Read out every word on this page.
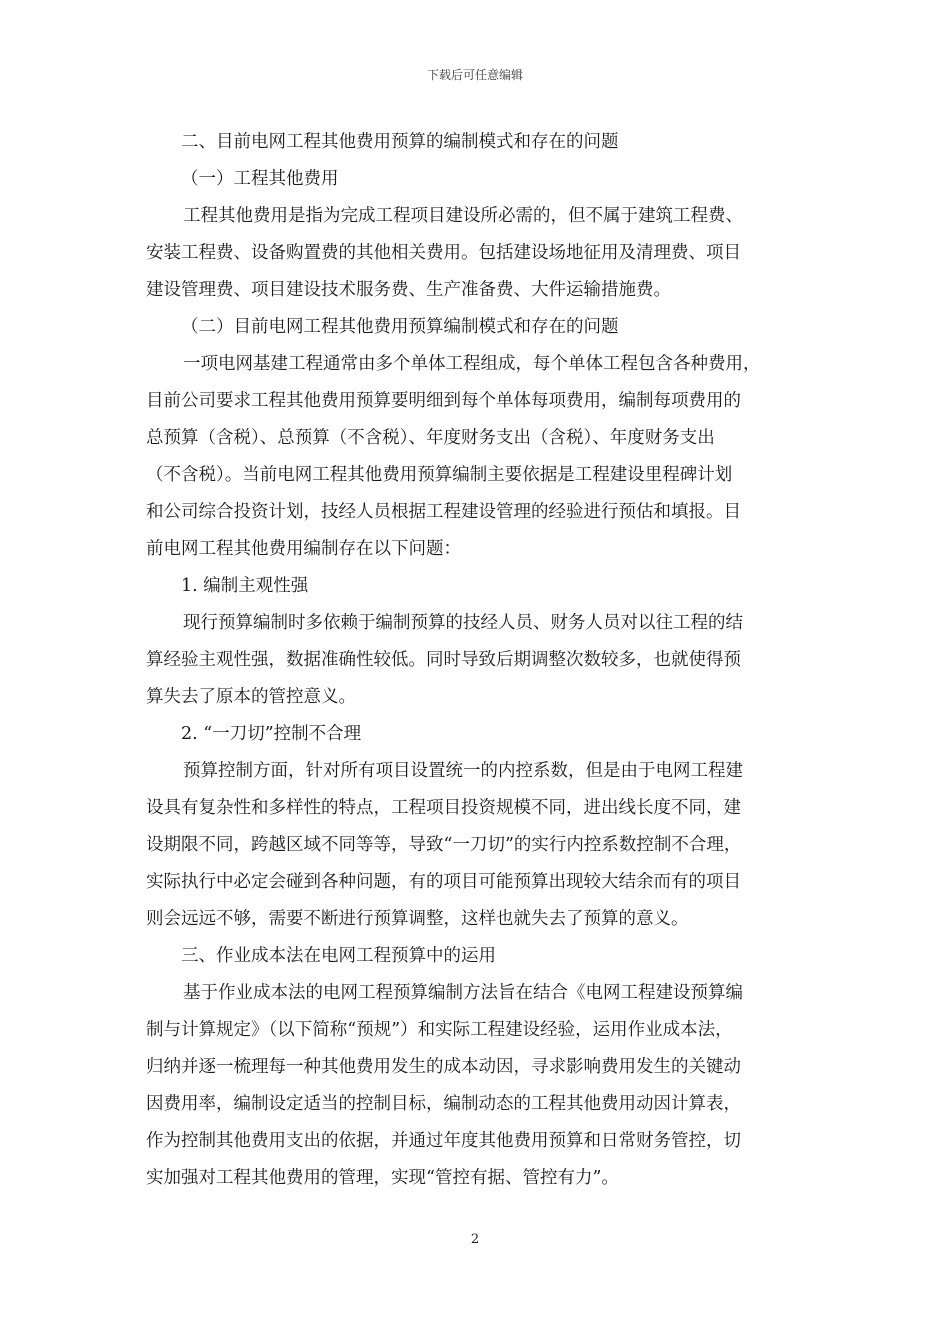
下载后可任意编辑
二、目前电网工程其他费用预算的编制模式和存在的问题
（一）工程其他费用
工程其他费用是指为完成工程项目建设所必需的，但不属于建筑工程费、
安装工程费、设备购置费的其他相关费用。包括建设场地征用及清理费、项目
建设管理费、项目建设技术服务费、生产准备费、大件运输措施费。
（二）目前电网工程其他费用预算编制模式和存在的问题
一项电网基建工程通常由多个单体工程组成，每个单体工程包含各种费用，
目前公司要求工程其他费用预算要明细到每个单体每项费用，编制每项费用的
总预算（含税）、总预算（不含税）、年度财务支出（含税）、年度财务支出
（不含税）。当前电网工程其他费用预算编制主要依据是工程建设里程碑计划
和公司综合投资计划，技经人员根据工程建设管理的经验进行预估和填报。目
前电网工程其他费用编制存在以下问题：
1. 编制主观性强
现行预算编制时多依赖于编制预算的技经人员、财务人员对以往工程的结
算经验主观性强，数据准确性较低。同时导致后期调整次数较多，也就使得预
算失去了原本的管控意义。
2. “一刀切”控制不合理
预算控制方面，针对所有项目设置统一的内控系数，但是由于电网工程建
设具有复杂性和多样性的特点，工程项目投资规模不同，进出线长度不同，建
设期限不同，跨越区域不同等等，导致“一刀切”的实行内控系数控制不合理，
实际执行中必定会碰到各种问题，有的项目可能预算出现较大结余而有的项目
则会远远不够，需要不断进行预算调整，这样也就失去了预算的意义。
三、作业成本法在电网工程预算中的运用
基于作业成本法的电网工程预算编制方法旨在结合《电网工程建设预算编
制与计算规定》（以下简称“预规”）和实际工程建设经验，运用作业成本法，
归纳并逐一梳理每一种其他费用发生的成本动因，寻求影响费用发生的关键动
因费用率，编制设定适当的控制目标，编制动态的工程其他费用动因计算表，
作为控制其他费用支出的依据，并通过年度其他费用预算和日常财务管控，切
实加强对工程其他费用的管理，实现“管控有据、管控有力”。
2
